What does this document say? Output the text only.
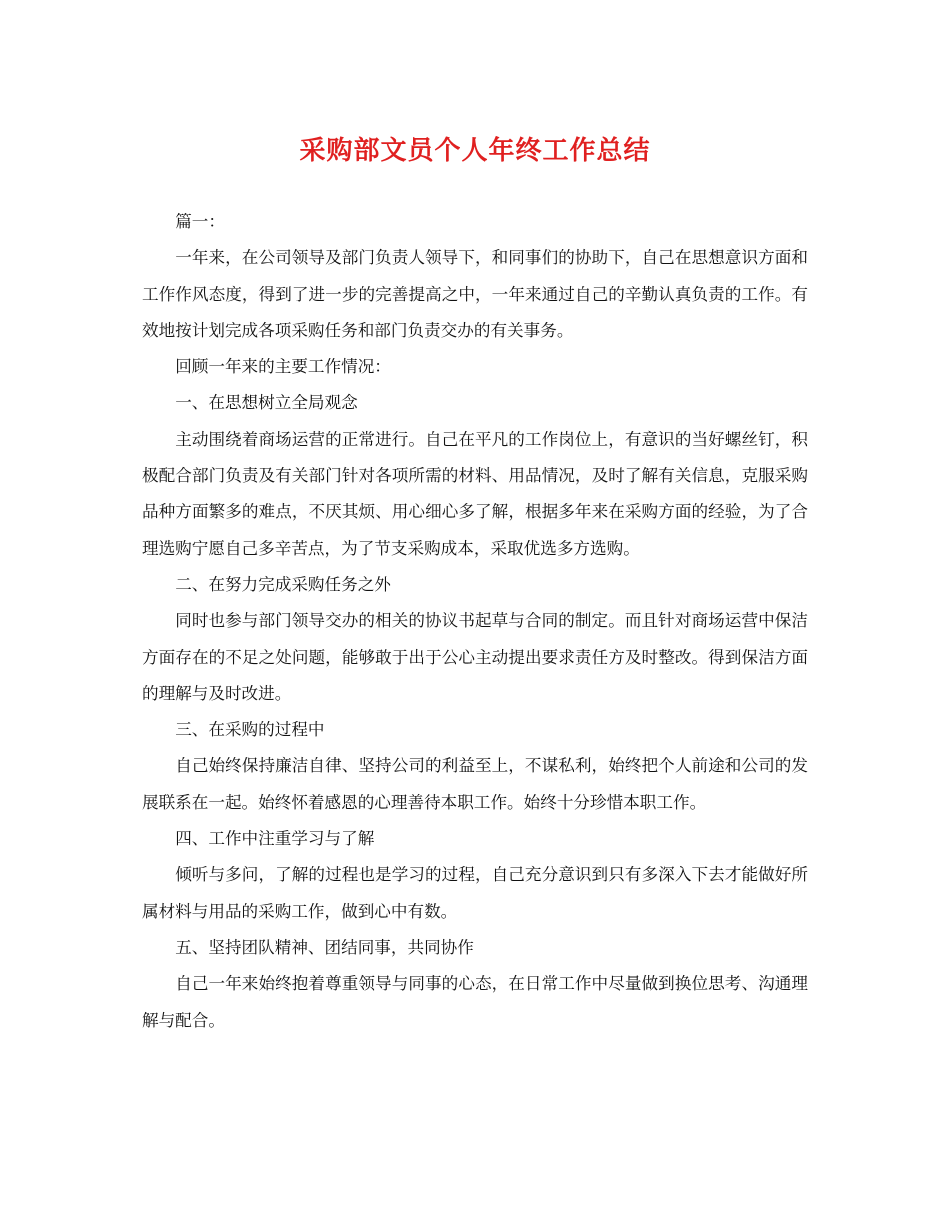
采购部文员个人年终工作总结

篇一：

一年来，在公司领导及部门负责人领导下，和同事们的协助下，自己在思想意识方面和工作作风态度，得到了进一步的完善提高之中，一年来通过自己的辛勤认真负责的工作。有效地按计划完成各项采购任务和部门负责交办的有关事务。

回顾一年来的主要工作情况：

一、在思想树立全局观念

主动围绕着商场运营的正常进行。自己在平凡的工作岗位上，有意识的当好螺丝钉，积极配合部门负责及有关部门针对各项所需的材料、用品情况，及时了解有关信息，克服采购品种方面繁多的难点，不厌其烦、用心细心多了解，根据多年来在采购方面的经验，为了合理选购宁愿自己多辛苦点，为了节支采购成本，采取优选多方选购。

二、在努力完成采购任务之外

同时也参与部门领导交办的相关的协议书起草与合同的制定。而且针对商场运营中保洁方面存在的不足之处问题，能够敢于出于公心主动提出要求责任方及时整改。得到保洁方面的理解与及时改进。

三、在采购的过程中

自己始终保持廉洁自律、坚持公司的利益至上，不谋私利，始终把个人前途和公司的发展联系在一起。始终怀着感恩的心理善待本职工作。始终十分珍惜本职工作。

四、工作中注重学习与了解

倾听与多问，了解的过程也是学习的过程，自己充分意识到只有多深入下去才能做好所属材料与用品的采购工作，做到心中有数。

五、坚持团队精神、团结同事，共同协作

自己一年来始终抱着尊重领导与同事的心态，在日常工作中尽量做到换位思考、沟通理解与配合。
